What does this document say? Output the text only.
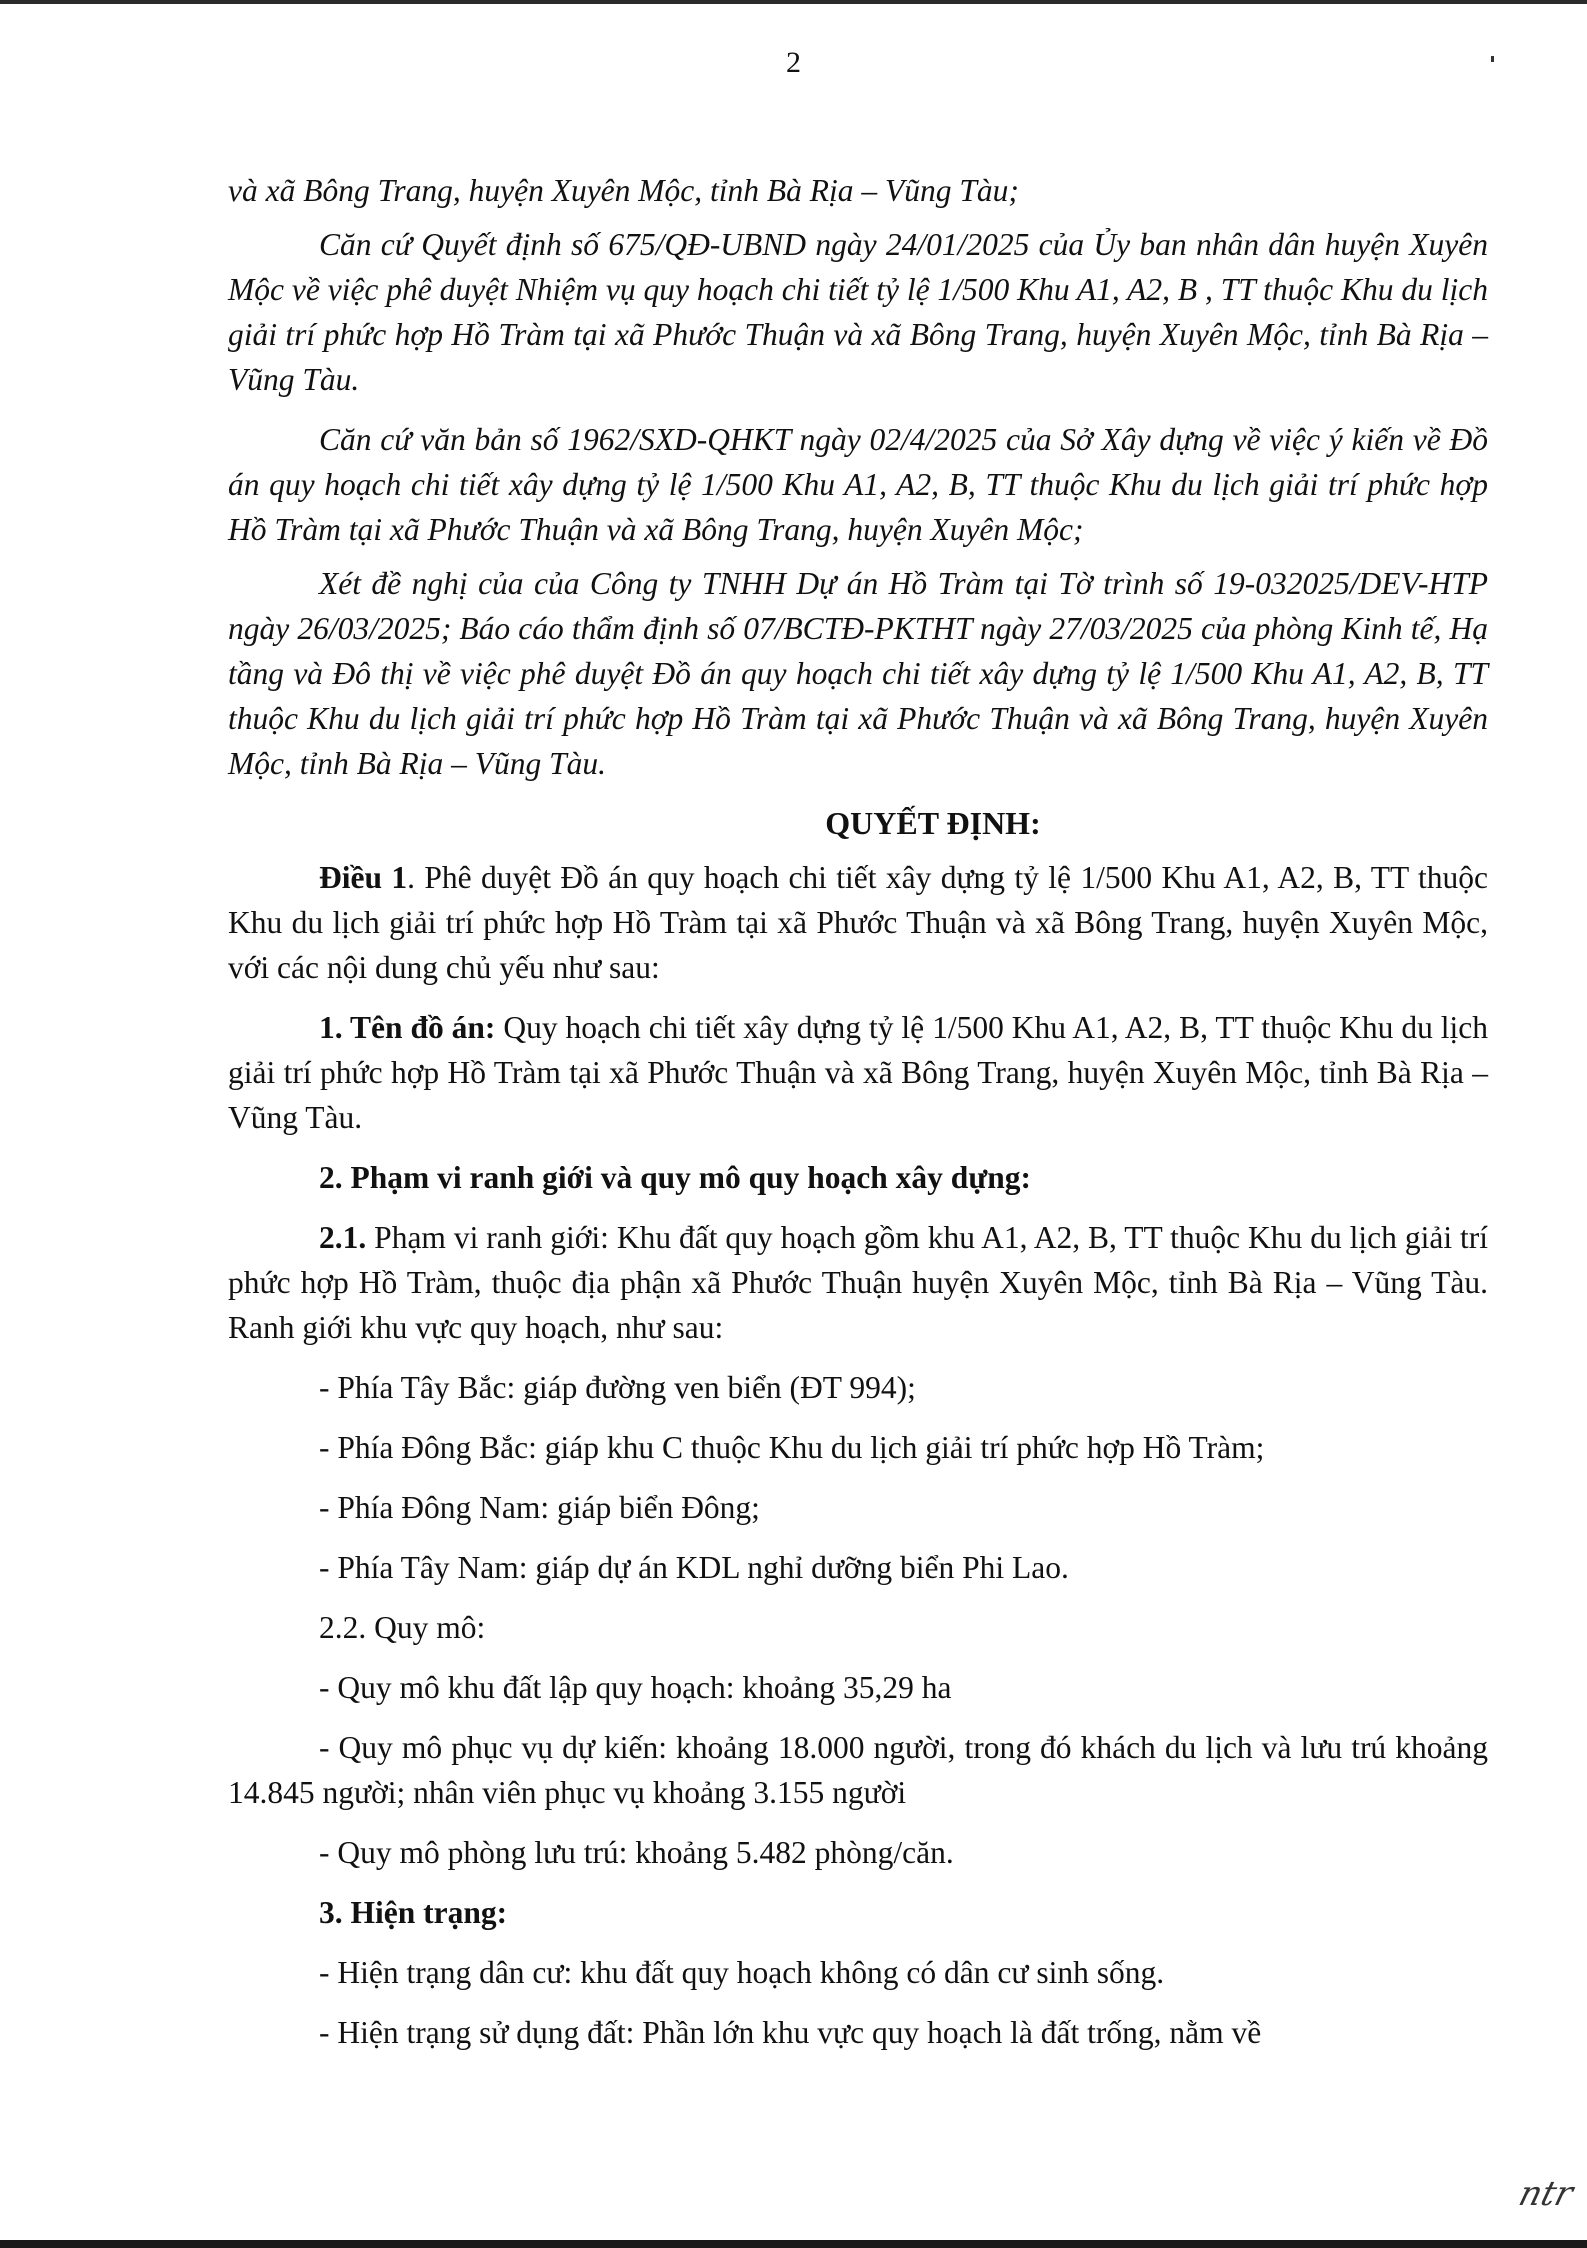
2

và xã Bông Trang, huyện Xuyên Mộc, tỉnh Bà Rịa – Vũng Tàu;

Căn cứ Quyết định số 675/QĐ-UBND ngày 24/01/2025 của Ủy ban nhân dân huyện Xuyên Mộc về việc phê duyệt Nhiệm vụ quy hoạch chi tiết tỷ lệ 1/500 Khu A1, A2, B , TT thuộc Khu du lịch giải trí phức hợp Hồ Tràm tại xã Phước Thuận và xã Bông Trang, huyện Xuyên Mộc, tỉnh Bà Rịa – Vũng Tàu.

Căn cứ văn bản số 1962/SXD-QHKT ngày 02/4/2025 của Sở Xây dựng về việc ý kiến về Đồ án quy hoạch chi tiết xây dựng tỷ lệ 1/500 Khu A1, A2, B, TT thuộc Khu du lịch giải trí phức hợp Hồ Tràm tại xã Phước Thuận và xã Bông Trang, huyện Xuyên Mộc;

Xét đề nghị của của Công ty TNHH Dự án Hồ Tràm tại Tờ trình số 19-032025/DEV-HTP ngày 26/03/2025; Báo cáo thẩm định số 07/BCTĐ-PKTHT ngày 27/03/2025 của phòng Kinh tế, Hạ tầng và Đô thị về việc phê duyệt Đồ án quy hoạch chi tiết xây dựng tỷ lệ 1/500 Khu A1, A2, B, TT thuộc Khu du lịch giải trí phức hợp Hồ Tràm tại xã Phước Thuận và xã Bông Trang, huyện Xuyên Mộc, tỉnh Bà Rịa – Vũng Tàu.

QUYẾT ĐỊNH:

Điều 1. Phê duyệt Đồ án quy hoạch chi tiết xây dựng tỷ lệ 1/500 Khu A1, A2, B, TT thuộc Khu du lịch giải trí phức hợp Hồ Tràm tại xã Phước Thuận và xã Bông Trang, huyện Xuyên Mộc, với các nội dung chủ yếu như sau:

1. Tên đồ án: Quy hoạch chi tiết xây dựng tỷ lệ 1/500 Khu A1, A2, B, TT thuộc Khu du lịch giải trí phức hợp Hồ Tràm tại xã Phước Thuận và xã Bông Trang, huyện Xuyên Mộc, tỉnh Bà Rịa – Vũng Tàu.

2. Phạm vi ranh giới và quy mô quy hoạch xây dựng:

2.1. Phạm vi ranh giới: Khu đất quy hoạch gồm khu A1, A2, B, TT thuộc Khu du lịch giải trí phức hợp Hồ Tràm, thuộc địa phận xã Phước Thuận huyện Xuyên Mộc, tỉnh Bà Rịa – Vũng Tàu. Ranh giới khu vực quy hoạch, như sau:

- Phía Tây Bắc: giáp đường ven biển (ĐT 994);

- Phía Đông Bắc: giáp khu C thuộc Khu du lịch giải trí phức hợp Hồ Tràm;

- Phía Đông Nam: giáp biển Đông;

- Phía Tây Nam: giáp dự án KDL nghỉ dưỡng biển Phi Lao.

2.2. Quy mô:

- Quy mô khu đất lập quy hoạch: khoảng 35,29 ha

- Quy mô phục vụ dự kiến: khoảng 18.000 người, trong đó khách du lịch và lưu trú khoảng 14.845 người; nhân viên phục vụ khoảng 3.155 người

- Quy mô phòng lưu trú: khoảng 5.482 phòng/căn.

3. Hiện trạng:

- Hiện trạng dân cư: khu đất quy hoạch không có dân cư sinh sống.

- Hiện trạng sử dụng đất: Phần lớn khu vực quy hoạch là đất trống, nằm về

ntr
